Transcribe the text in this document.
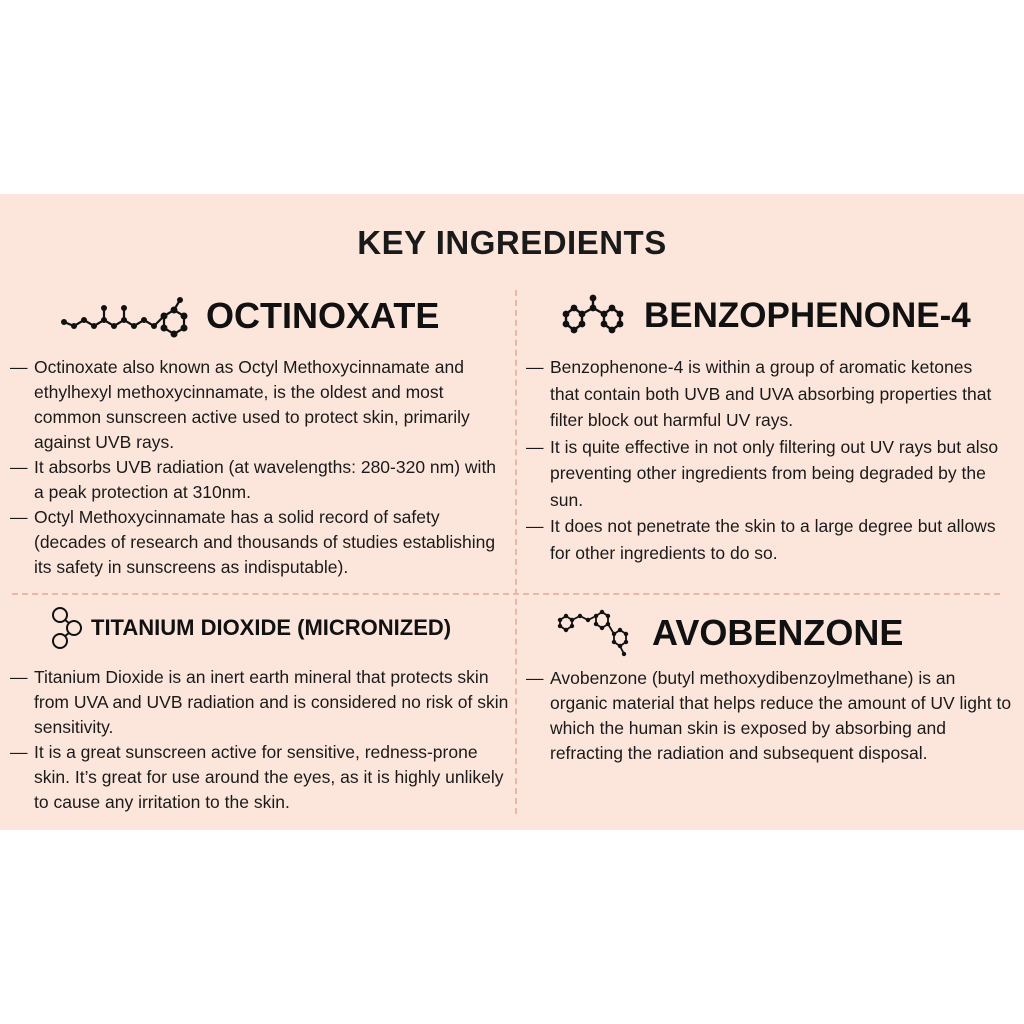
KEY INGREDIENTS
OCTINOXATE
— Octinoxate also known as Octyl Methoxycinnamate and ethylhexyl methoxycinnamate, is the oldest and most common sunscreen active used to protect skin, primarily against UVB rays.
— It absorbs UVB radiation (at wavelengths: 280-320 nm) with a peak protection at 310nm.
— Octyl Methoxycinnamate has a solid record of safety (decades of research and thousands of studies establishing its safety in sunscreens as indisputable).
BENZOPHENONE-4
— Benzophenone-4 is within a group of aromatic ketones that contain both UVB and UVA absorbing properties that filter block out harmful UV rays.
— It is quite effective in not only filtering out UV rays but also preventing other ingredients from being degraded by the sun.
— It does not penetrate the skin to a large degree but allows for other ingredients to do so.
TITANIUM DIOXIDE (MICRONIZED)
— Titanium Dioxide is an inert earth mineral that protects skin from UVA and UVB radiation and is considered no risk of skin sensitivity.
— It is a great sunscreen active for sensitive, redness-prone skin. It’s great for use around the eyes, as it is highly unlikely to cause any irritation to the skin.
AVOBENZONE
— Avobenzone (butyl methoxydibenzoylmethane) is an organic material that helps reduce the amount of UV light to which the human skin is exposed by absorbing and refracting the radiation and subsequent disposal.
